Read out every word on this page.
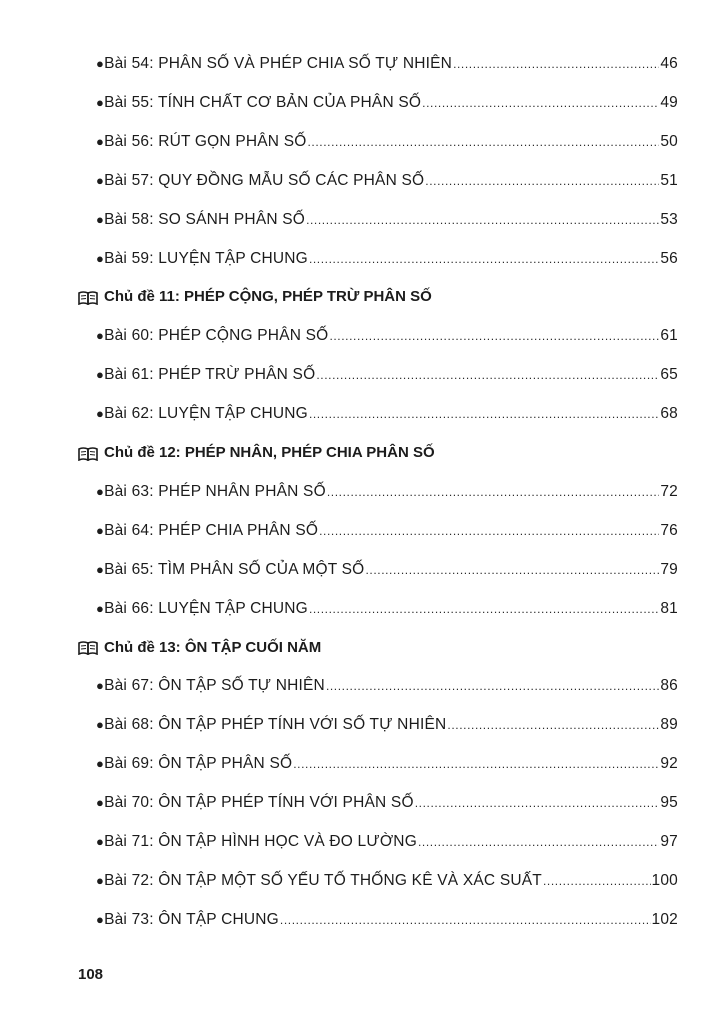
● Bài 54: PHÂN SỐ VÀ PHÉP CHIA SỐ TỰ NHIÊN .....	46
● Bài 55: TÍNH CHẤT CƠ BẢN CỦA PHÂN SỐ .....	49
● Bài 56: RÚT GỌN PHÂN SỐ .....	50
● Bài 57: QUY ĐỒNG MẪU SỐ CÁC PHÂN SỐ .....	51
● Bài 58: SO SÁNH PHÂN SỐ .....	53
● Bài 59: LUYỆN TẬP CHUNG .....	56
Chủ đề 11: PHÉP CỘNG, PHÉP TRỪ PHÂN SỐ
● Bài 60: PHÉP CỘNG PHÂN SỐ .....	61
● Bài 61: PHÉP TRỪ PHÂN SỐ .....	65
● Bài 62: LUYỆN TẬP CHUNG .....	68
Chủ đề 12: PHÉP NHÂN, PHÉP CHIA PHÂN SỐ
● Bài 63: PHÉP NHÂN PHÂN SỐ .....	72
● Bài 64: PHÉP CHIA PHÂN SỐ .....	76
● Bài 65: TÌM PHÂN SỐ CỦA MỘT SỐ .....	79
● Bài 66: LUYỆN TẬP CHUNG .....	81
Chủ đề 13: ÔN TẬP CUỐI NĂM
● Bài 67: ÔN TẬP SỐ TỰ NHIÊN .....	86
● Bài 68: ÔN TẬP PHÉP TÍNH VỚI SỐ TỰ NHIÊN .....	89
● Bài 69: ÔN TẬP PHÂN SỐ .....	92
● Bài 70: ÔN TẬP PHÉP TÍNH VỚI PHÂN SỐ .....	95
● Bài 71: ÔN TẬP HÌNH HỌC VÀ ĐO LƯỜNG .....	97
● Bài 72: ÔN TẬP MỘT SỐ YẾU TỐ THỐNG KÊ VÀ XÁC SUẤT .....	100
● Bài 73: ÔN TẬP CHUNG .....	102
108
